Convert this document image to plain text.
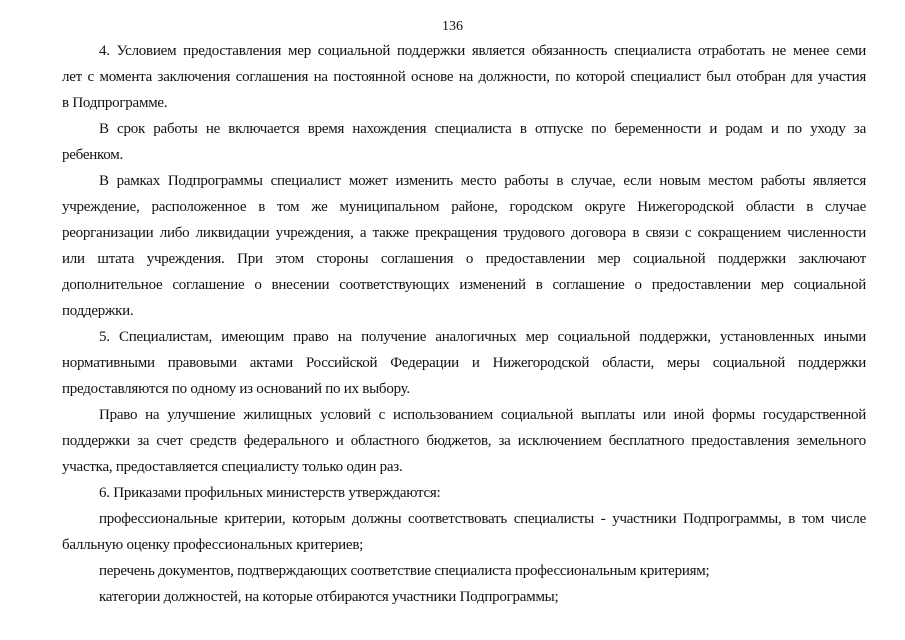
136
4. Условием предоставления мер социальной поддержки является обязанность специалиста отработать не менее семи
лет с момента заключения соглашения на постоянной основе на должности, по которой специалист был отобран для участия
в Подпрограмме.
В срок работы не включается время нахождения специалиста в отпуске по беременности и родам и по уходу за
ребенком.
В рамках Подпрограммы специалист может изменить место работы в случае, если новым местом работы является
учреждение, расположенное в том же муниципальном районе, городском округе Нижегородской области в случае
реорганизации либо ликвидации учреждения, а также прекращения трудового договора в связи с сокращением численности
или штата учреждения. При этом стороны соглашения о предоставлении мер социальной поддержки заключают
дополнительное соглашение о внесении соответствующих изменений в соглашение о предоставлении мер социальной
поддержки.
5. Специалистам, имеющим право на получение аналогичных мер социальной поддержки, установленных иными
нормативными правовыми актами Российской Федерации и Нижегородской области, меры социальной поддержки
предоставляются по одному из оснований по их выбору.
Право на улучшение жилищных условий с использованием социальной выплаты или иной формы государственной
поддержки за счет средств федерального и областного бюджетов, за исключением бесплатного предоставления земельного
участка, предоставляется специалисту только один раз.
6. Приказами профильных министерств утверждаются:
профессиональные критерии, которым должны соответствовать специалисты - участники Подпрограммы, в том числе
балльную оценку профессиональных критериев;
перечень документов, подтверждающих соответствие специалиста профессиональным критериям;
категории должностей, на которые отбираются участники Подпрограммы;
